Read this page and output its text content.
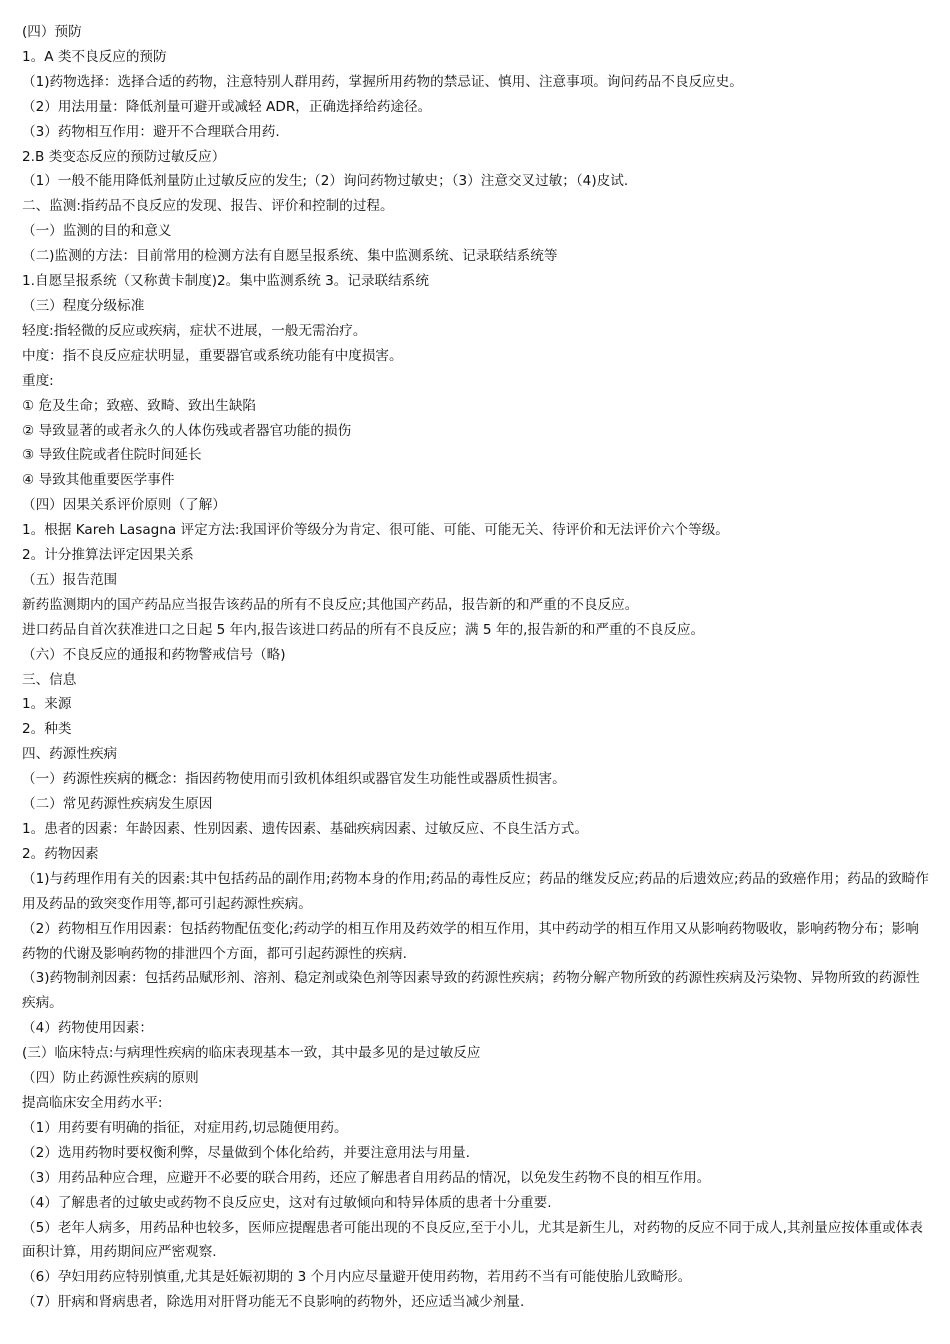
(四）预防
1。A 类不良反应的预防
（1)药物选择：选择合适的药物，注意特别人群用药，掌握所用药物的禁忌证、慎用、注意事项。询问药品不良反应史。
（2）用法用量：降低剂量可避开或减轻 ADR，正确选择给药途径。
（3）药物相互作用：避开不合理联合用药.
2.B 类变态反应的预防过敏反应）
（1）一般不能用降低剂量防止过敏反应的发生;（2）询问药物过敏史；（3）注意交叉过敏；（4)皮试.
二、监测:指药品不良反应的发现、报告、评价和控制的过程。
（一）监测的目的和意义
（二)监测的方法：目前常用的检测方法有自愿呈报系统、集中监测系统、记录联结系统等
1.自愿呈报系统（又称黄卡制度)2。集中监测系统 3。记录联结系统
（三）程度分级标准
轻度:指轻微的反应或疾病，症状不进展，一般无需治疗。
中度：指不良反应症状明显，重要器官或系统功能有中度损害。
重度:
① 危及生命；致癌、致畸、致出生缺陷
② 导致显著的或者永久的人体伤残或者器官功能的损伤
③ 导致住院或者住院时间延长
④ 导致其他重要医学事件
（四）因果关系评价原则（了解）
1。根据 Kareh Lasagna 评定方法:我国评价等级分为肯定、很可能、可能、可能无关、待评价和无法评价六个等级。
2。计分推算法评定因果关系
（五）报告范围
新药监测期内的国产药品应当报告该药品的所有不良反应;其他国产药品，报告新的和严重的不良反应。
进口药品自首次获准进口之日起 5 年内,报告该进口药品的所有不良反应；满 5 年的,报告新的和严重的不良反应。
（六）不良反应的通报和药物警戒信号（略)
三、信息
1。来源
2。种类
四、药源性疾病
（一）药源性疾病的概念：指因药物使用而引致机体组织或器官发生功能性或器质性损害。
（二）常见药源性疾病发生原因
1。患者的因素：年龄因素、性别因素、遗传因素、基础疾病因素、过敏反应、不良生活方式。
2。药物因素
（1)与药理作用有关的因素:其中包括药品的副作用;药物本身的作用;药品的毒性反应；药品的继发反应;药品的后遗效应;药品的致癌作用；药品的致畸作用及药品的致突变作用等,都可引起药源性疾病。
（2）药物相互作用因素：包括药物配伍变化;药动学的相互作用及药效学的相互作用，其中药动学的相互作用又从影响药物吸收，影响药物分布；影响药物的代谢及影响药物的排泄四个方面，都可引起药源性的疾病.
（3)药物制剂因素：包括药品赋形剂、溶剂、稳定剂或染色剂等因素导致的药源性疾病；药物分解产物所致的药源性疾病及污染物、异物所致的药源性疾病。
（4）药物使用因素：
(三）临床特点:与病理性疾病的临床表现基本一致，其中最多见的是过敏反应
（四）防止药源性疾病的原则
提高临床安全用药水平:
（1）用药要有明确的指征，对症用药,切忌随便用药。
（2）选用药物时要权衡利弊，尽量做到个体化给药，并要注意用法与用量.
（3）用药品种应合理，应避开不必要的联合用药，还应了解患者自用药品的情况，以免发生药物不良的相互作用。
（4）了解患者的过敏史或药物不良反应史，这对有过敏倾向和特异体质的患者十分重要.
（5）老年人病多，用药品种也较多，医师应提醒患者可能出现的不良反应,至于小儿，尤其是新生儿，对药物的反应不同于成人,其剂量应按体重或体表面积计算，用药期间应严密观察.
（6）孕妇用药应特别慎重,尤其是妊娠初期的 3 个月内应尽量避开使用药物，若用药不当有可能使胎儿致畸形。
（7）肝病和肾病患者，除选用对肝肾功能无不良影响的药物外，还应适当减少剂量.
